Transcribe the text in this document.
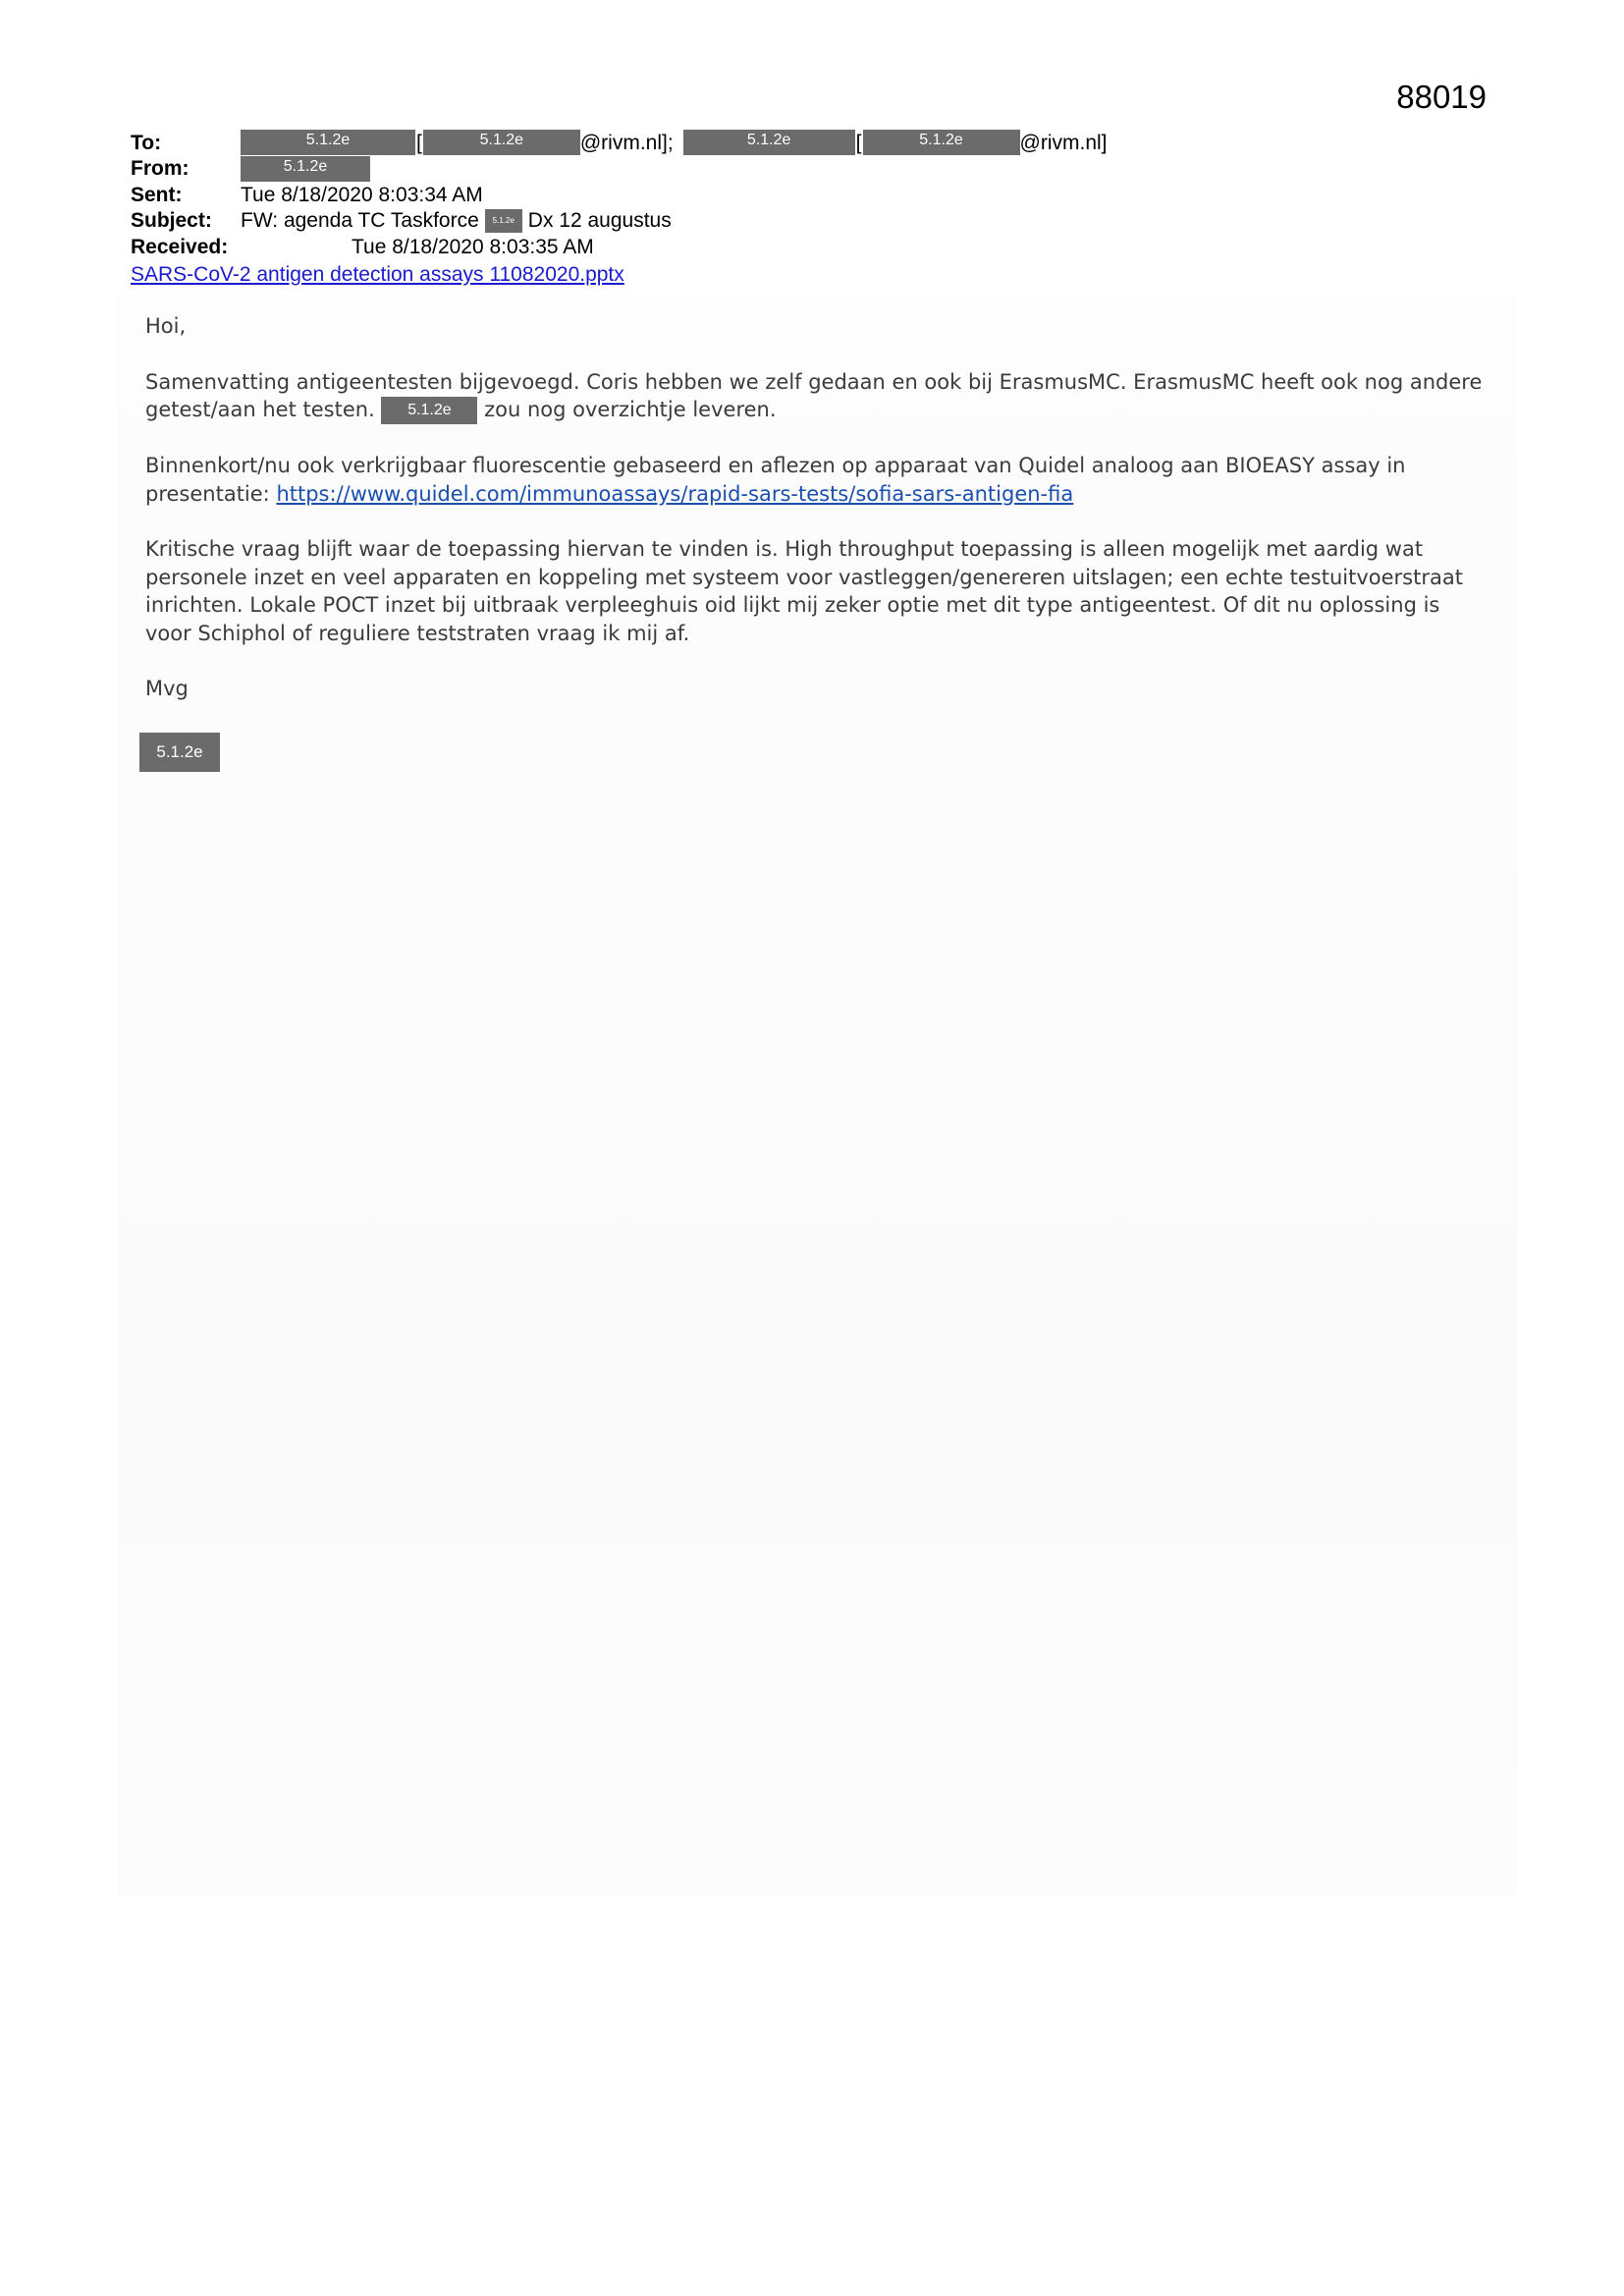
88019
To:	5.1.2e	[	5.1.2e	@rivm.nl];	5.1.2e	[	5.1.2e	@rivm.nl]
From:	5.1.2e
Sent:	Tue 8/18/2020 8:03:34 AM
Subject:	FW: agenda TC Taskforce	5.1.2e Dx 12 augustus
Received:	Tue 8/18/2020 8:03:35 AM
SARS-CoV-2 antigen detection assays 11082020.pptx

Hoi,

Samenvatting antigeentesten bijgevoegd. Coris hebben we zelf gedaan en ook bij ErasmusMC. ErasmusMC heeft ook nog andere getest/aan het testen. 5.1.2e zou nog overzichtje leveren.

Binnenkort/nu ook verkrijgbaar fluorescentie gebaseerd en aflezen op apparaat van Quidel analoog aan BIOEASY assay in presentatie: https://www.quidel.com/immunoassays/rapid-sars-tests/sofia-sars-antigen-fia

Kritische vraag blijft waar de toepassing hiervan te vinden is. High throughput toepassing is alleen mogelijk met aardig wat personele inzet en veel apparaten en koppeling met systeem voor vastleggen/genereren uitslagen; een echte testuitvoerstraat inrichten. Lokale POCT inzet bij uitbraak verpleeghuis oid lijkt mij zeker optie met dit type antigeentest. Of dit nu oplossing is voor Schiphol of reguliere teststraten vraag ik mij af.

Mvg

5.1.2e
